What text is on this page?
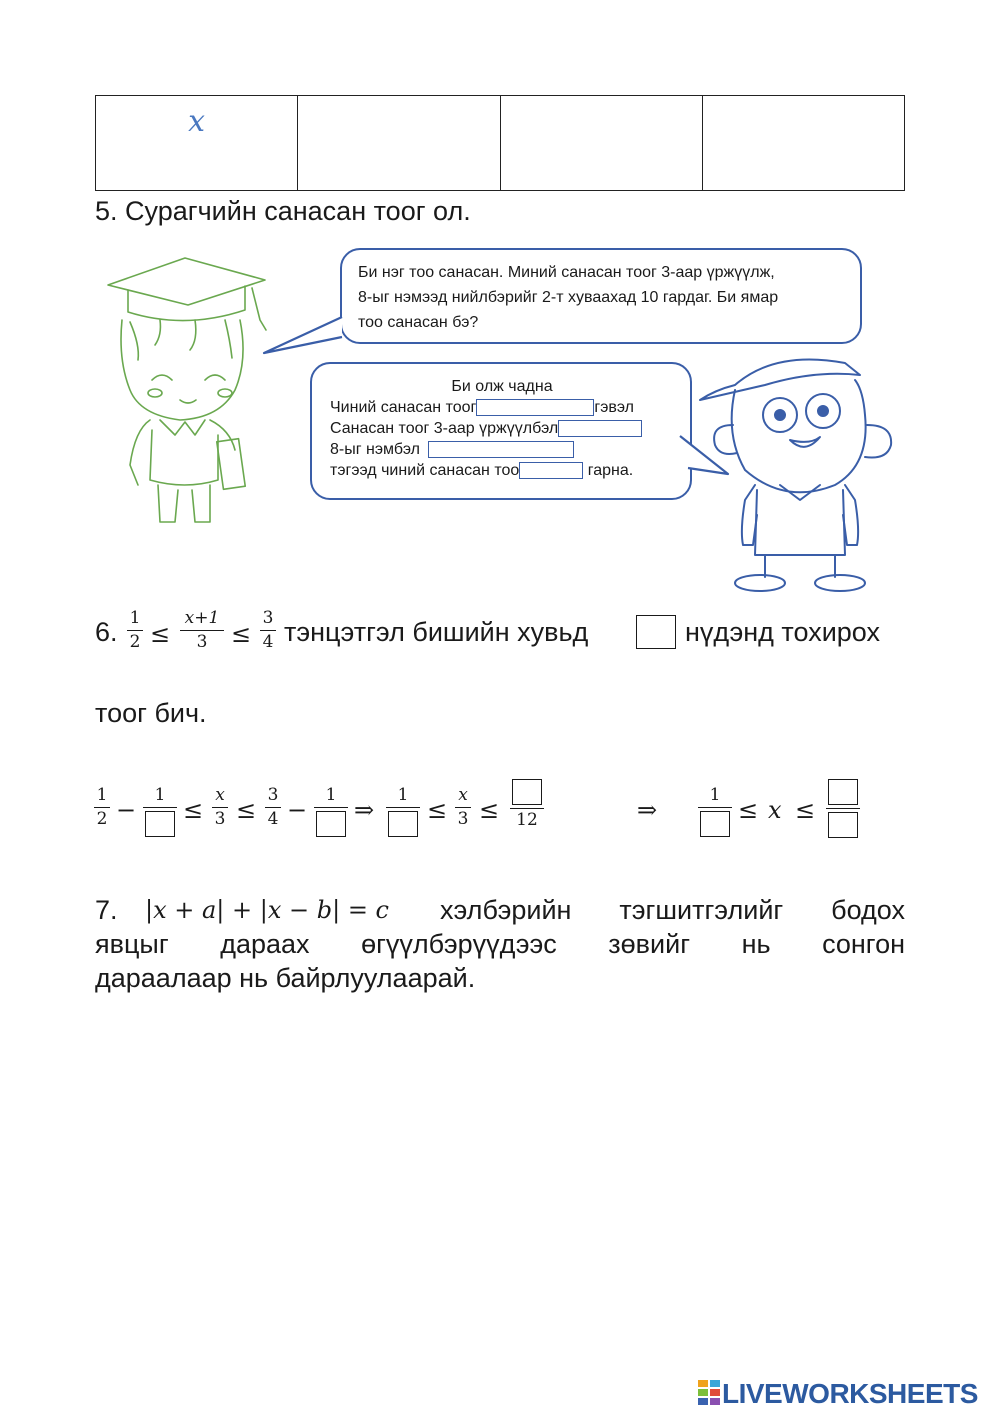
x			
5. Сурагчийн санасан тоог ол.
Би нэг тоо санасан. Миний санасан тоог 3-аар үржүүлж,
8-ыг нэмээд нийлбэрийг 2-т хуваахад 10 гардаг. Би ямар
тоо санасан бэ?
Би олж чадна
Чиний санасан тоог	гэвэл
Санасан тоог 3-аар үржүүлбэл
8-ыг нэмбэл
тэгээд чиний санасан тоо	гарна.
6. 1
2 ≤
x+1
3 ≤
3
4 тэнцэтгэл бишийн хувьд	нүдэнд тохирох
тоог бич.
1
2 −
1
≤
x
3 ≤
3
4 −
1
⇒
1
≤
x
3 ≤	12	⇒
1
≤ x ≤
7. |x + a| + |x − b| = c хэлбэрийн тэгшитгэлийг бодох
явцыг дараах өгүүлбэрүүдээс зөвийг нь сонгон
дараалаар нь байрлуулаарай.
LIVEWORKSHEETS
